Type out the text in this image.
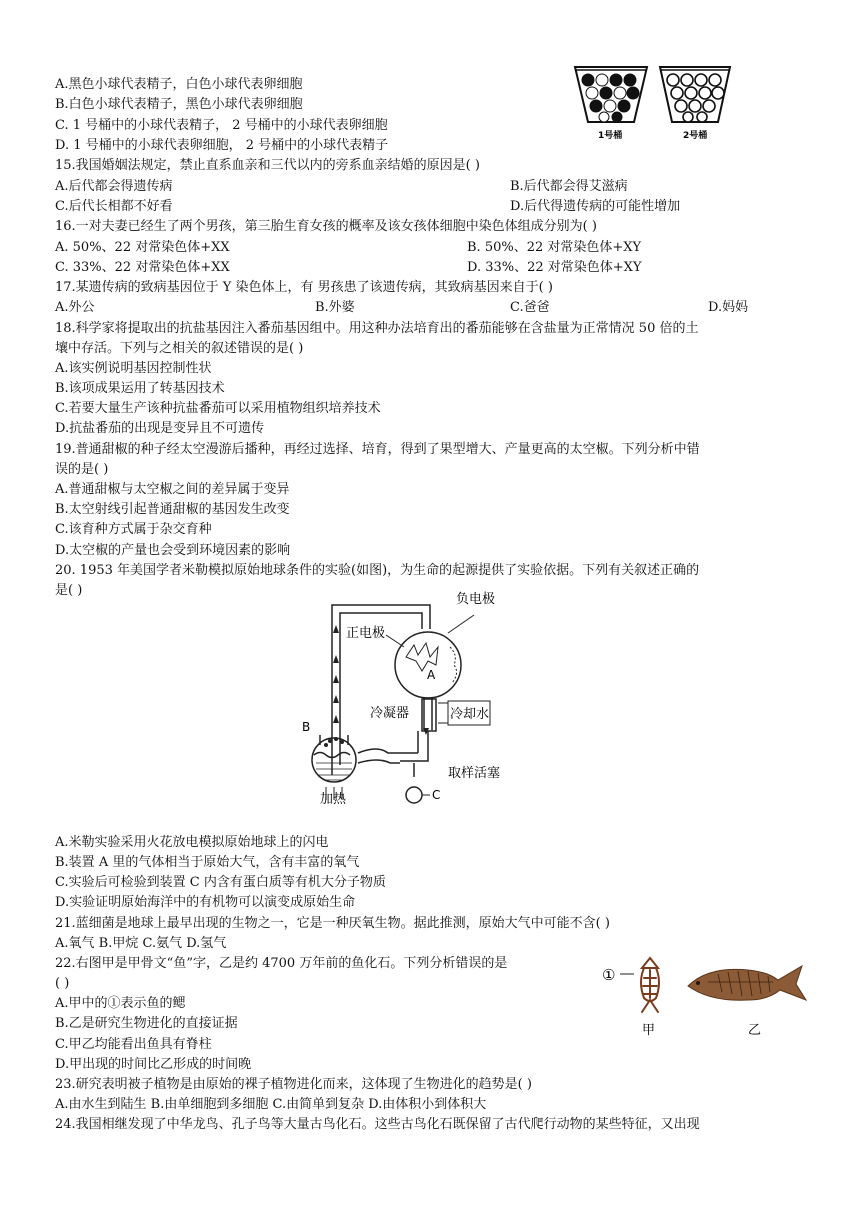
A.黑色小球代表精子，白色小球代表卵细胞
B.白色小球代表精子，黑色小球代表卵细胞
C. 1 号桶中的小球代表精子， 2 号桶中的小球代表卵细胞
D. 1 号桶中的小球代表卵细胞， 2 号桶中的小球代表精子
1号桶	2号桶
15.我国婚姻法规定，禁止直系血亲和三代以内的旁系血亲结婚的原因是( )
A.后代都会得遗传病	B.后代都会得艾滋病
C.后代长相都不好看	D.后代得遗传病的可能性增加
16.一对夫妻已经生了两个男孩，第三胎生育女孩的概率及该女孩体细胞中染色体组成分别为( )
A. 50%、22 对常染色体+XX	B. 50%、22 对常染色体+XY
C. 33%、22 对常染色体+XX	D. 33%、22 对常染色体+XY
17.某遗传病的致病基因位于 Y 染色体上，有 男孩患了该遗传病，其致病基因来自于( )
A.外公	B.外婆	C.爸爸	D.妈妈
18.科学家将提取出的抗盐基因注入番茄基因组中。用这种办法培育出的番茄能够在含盐量为正常情况 50 倍的土
壤中存活。下列与之相关的叙述错误的是( )
A.该实例说明基因控制性状
B.该项成果运用了转基因技术
C.若要大量生产该种抗盐番茄可以采用植物组织培养技术
D.抗盐番茄的出现是变异且不可遗传
19.普通甜椒的种子经太空漫游后播种，再经过选择、培育，得到了果型增大、产量更高的太空椒。下列分析中错
误的是( )
A.普通甜椒与太空椒之间的差异属于变异
B.太空射线引起普通甜椒的基因发生改变
C.该育种方式属于杂交育种
D.太空椒的产量也会受到环境因素的影响
20. 1953 年美国学者米勒模拟原始地球条件的实验(如图)，为生命的起源提供了实验依据。下列有关叙述正确的
是( )
负电极
正电极
A
冷凝器	冷却水
B
取样活塞
加热	C
A.米勒实验采用火花放电模拟原始地球上的闪电
B.装置 A 里的气体相当于原始大气，含有丰富的氧气
C.实验后可检验到装置 C 内含有蛋白质等有机大分子物质
D.实验证明原始海洋中的有机物可以演变成原始生命
21.蓝细菌是地球上最早出现的生物之一，它是一种厌氧生物。据此推测，原始大气中可能不含( )
A.氧气 B.甲烷 C.氨气 D.氢气
22.右图甲是甲骨文“鱼”字，乙是约 4700 万年前的鱼化石。下列分析错误的是
( )
A.甲中的①表示鱼的鳃
B.乙是研究生物进化的直接证据
C.甲乙均能看出鱼具有脊柱
D.甲出现的时间比乙形成的时间晚
①
甲	乙
23.研究表明被子植物是由原始的裸子植物进化而来，这体现了生物进化的趋势是( )
A.由水生到陆生 B.由单细胞到多细胞 C.由简单到复杂 D.由体积小到体积大
24.我国相继发现了中华龙鸟、孔子鸟等大量古鸟化石。这些古鸟化石既保留了古代爬行动物的某些特征，又出现
